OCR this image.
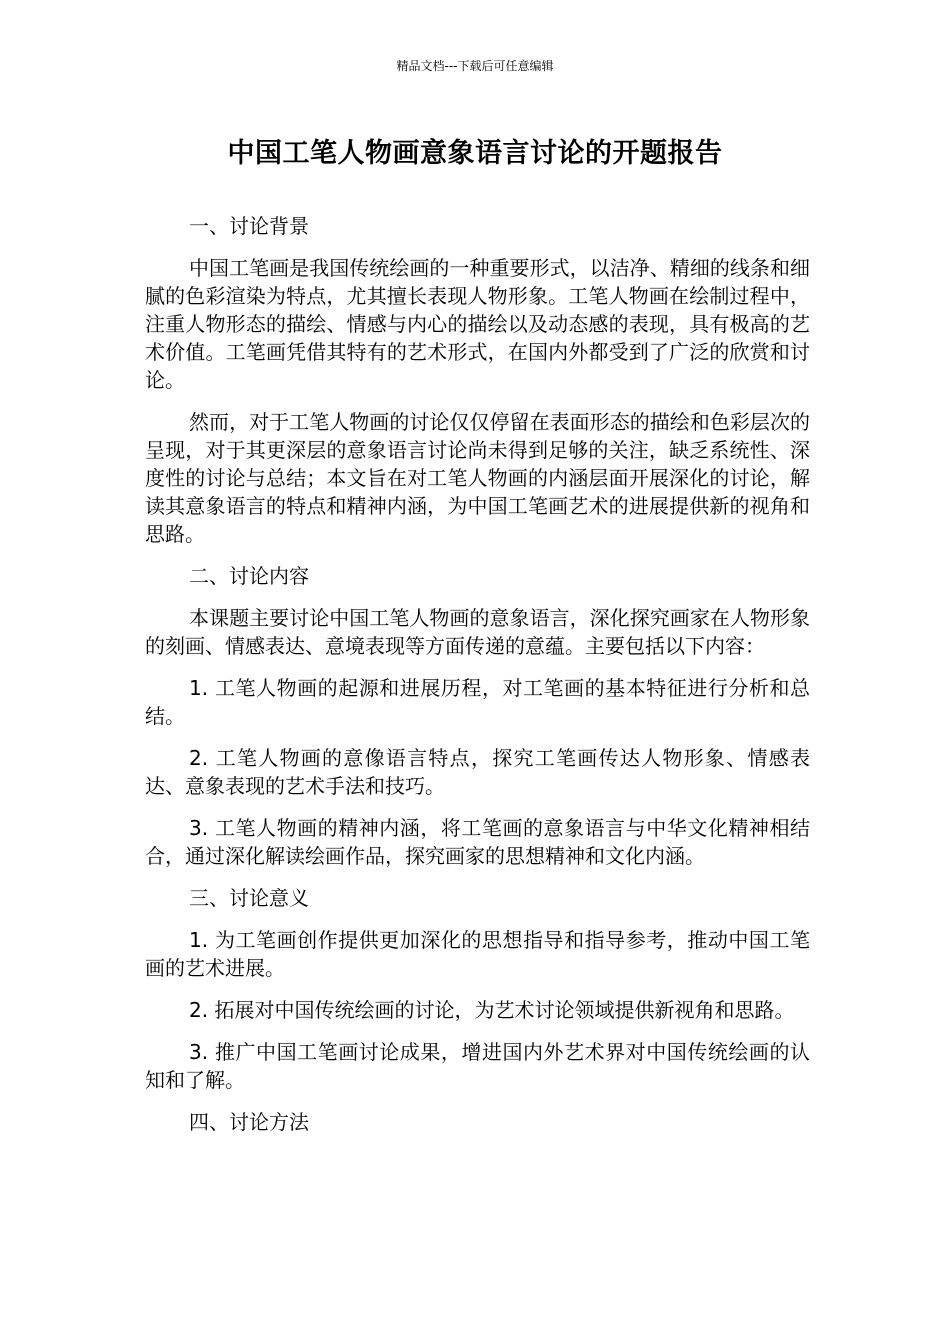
精品文档---下载后可任意编辑
中国工笔人物画意象语言讨论的开题报告
一、讨论背景

中国工笔画是我国传统绘画的一种重要形式，以洁净、精细的线条和细腻的色彩渲染为特点，尤其擅长表现人物形象。工笔人物画在绘制过程中，注重人物形态的描绘、情感与内心的描绘以及动态感的表现，具有极高的艺术价值。工笔画凭借其特有的艺术形式，在国内外都受到了广泛的欣赏和讨论。

然而，对于工笔人物画的讨论仅仅停留在表面形态的描绘和色彩层次的呈现，对于其更深层的意象语言讨论尚未得到足够的关注，缺乏系统性、深度性的讨论与总结；本文旨在对工笔人物画的内涵层面开展深化的讨论，解读其意象语言的特点和精神内涵，为中国工笔画艺术的进展提供新的视角和思路。

二、讨论内容

本课题主要讨论中国工笔人物画的意象语言，深化探究画家在人物形象的刻画、情感表达、意境表现等方面传递的意蕴。主要包括以下内容：

1. 工笔人物画的起源和进展历程，对工笔画的基本特征进行分析和总结。

2. 工笔人物画的意像语言特点，探究工笔画传达人物形象、情感表达、意象表现的艺术手法和技巧。

3. 工笔人物画的精神内涵，将工笔画的意象语言与中华文化精神相结合，通过深化解读绘画作品，探究画家的思想精神和文化内涵。

三、讨论意义

1. 为工笔画创作提供更加深化的思想指导和指导参考，推动中国工笔画的艺术进展。

2. 拓展对中国传统绘画的讨论，为艺术讨论领域提供新视角和思路。

3. 推广中国工笔画讨论成果，增进国内外艺术界对中国传统绘画的认知和了解。

四、讨论方法
